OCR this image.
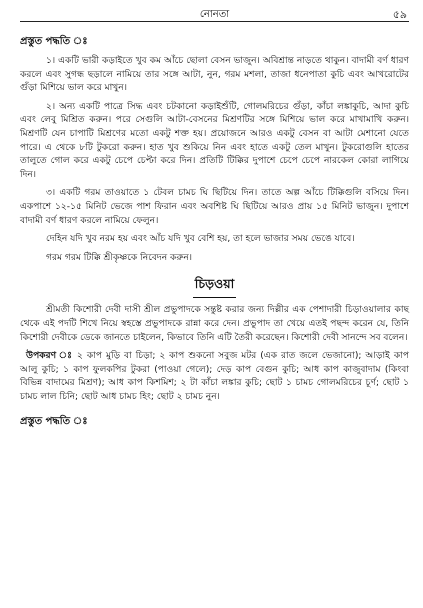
নোনতা	৫৯
প্রস্তুত পদ্ধতি ঃ

১। একটি ভারী কড়াইতে খুব কম আঁচে ছোলা বেসন ভাজুন। অবিশ্রান্ত নাড়তে থাকুন। বাদামী বর্ণ ধারণ করলে এবং সুগন্ধ ছড়ালে নামিয়ে তার সঙ্গে আটা, নুন, গরম মশলা, তাজা ধনেপাতা কুচি এবং আখরোটের গুঁড়া মিশিয়ে ভাল করে মাখুন।

২। অন্য একটি পাত্রে সিদ্ধ এবং চটকানো কড়াইশুঁটি, গোলমরিচের গুঁড়া, কাঁচা লঙ্কাকুচি, আদা কুচি এবং লেবু মিশ্রিত করুন। পরে সেগুলি আটা-বেসনের মিশ্রণটির সঙ্গে মিশিয়ে ভাল করে মাখামাখি করুন। মিশ্রণটি যেন চাপাটি মিশ্রণের মতো একটু শক্ত হয়। প্রয়োজনে আরও একটু বেসন বা আটা মেশানো যেতে পারে। এ থেকে ৮টি টুকরো করুন। হাত খুব শুকিয়ে নিন এবং হাতে একটু তেল মাখুন। টুকরোগুলি হাতের তালুতে গোল করে একটু চেপে চেপ্টা করে দিন। প্রতিটি টিক্কির দুপাশে চেপে চেপে নারকেল কোরা লাগিয়ে দিন।

৩। একটি গরম তাওয়াতে ১ টেবল চামচ ঘি ছিটিয়ে দিন। তাতে অল্প আঁচে টিক্কিগুলি বসিয়ে দিন। একপাশে ১২-১৫ মিনিট ভেজে পাশ ফিরান এবং অবশিষ্ট ঘি ছিটিয়ে আরও প্রায় ১৫ মিনিট ভাজুন। দুপাশে বাদামী বর্ণ ধারণ করলে নামিয়ে ফেলুন।

দেহিন যদি খুব নরম হয় এবং আঁচ যদি খুব বেশি হয়, তা হলে ভাজার সময় ভেঙে যাবে।

গরম গরম টিক্কি শ্রীকৃষ্ণকে নিবেদন করুন।

চিড়ওয়া

শ্রীমতী কিশোরী দেবী দাসী শ্রীল প্রভুপাদকে সন্তুষ্ট করার জন্য দিল্লীর এক পেশাদারী চিড়াওয়ালার কাছ থেকে এই পদটি শিখে নিয়ে স্বহস্তে প্রভুপাদকে রান্না করে দেন। প্রভুপাদ তা খেয়ে এতই পছন্দ করেন যে, তিনি কিশোরী দেবীকে ডেকে জানতে চাইলেন, কিভাবে তিনি এটি তৈরী করেছেন। কিশোরী দেবী সানন্দে সব বলেন।

উপকরণ ঃ ২ কাপ মুড়ি বা চিড়া; ২ কাপ শুকনো সবুজ মটর (এক রাত জলে ভেজানো); আড়াই কাপ আলু কুচি; ১ কাপ ফুলকপির টুকরা (পাওয়া গেলে); দেড় কাপ বেগুন কুচি; আধ কাপ কাজুবাদাম (কিংবা বিভিন্ন বাদামের মিশ্রণ); আধ কাপ কিশমিশ; ২ টা কাঁচা লঙ্কার কুচি; ছোট ১ চামচ গোলমরিচের চূর্ণ; ছোট ১ চামচ লাল চিনি; ছোট আধ চামচ হিং; ছোট ২ চামচ নুন।

প্রস্তুত পদ্ধতি ঃ
